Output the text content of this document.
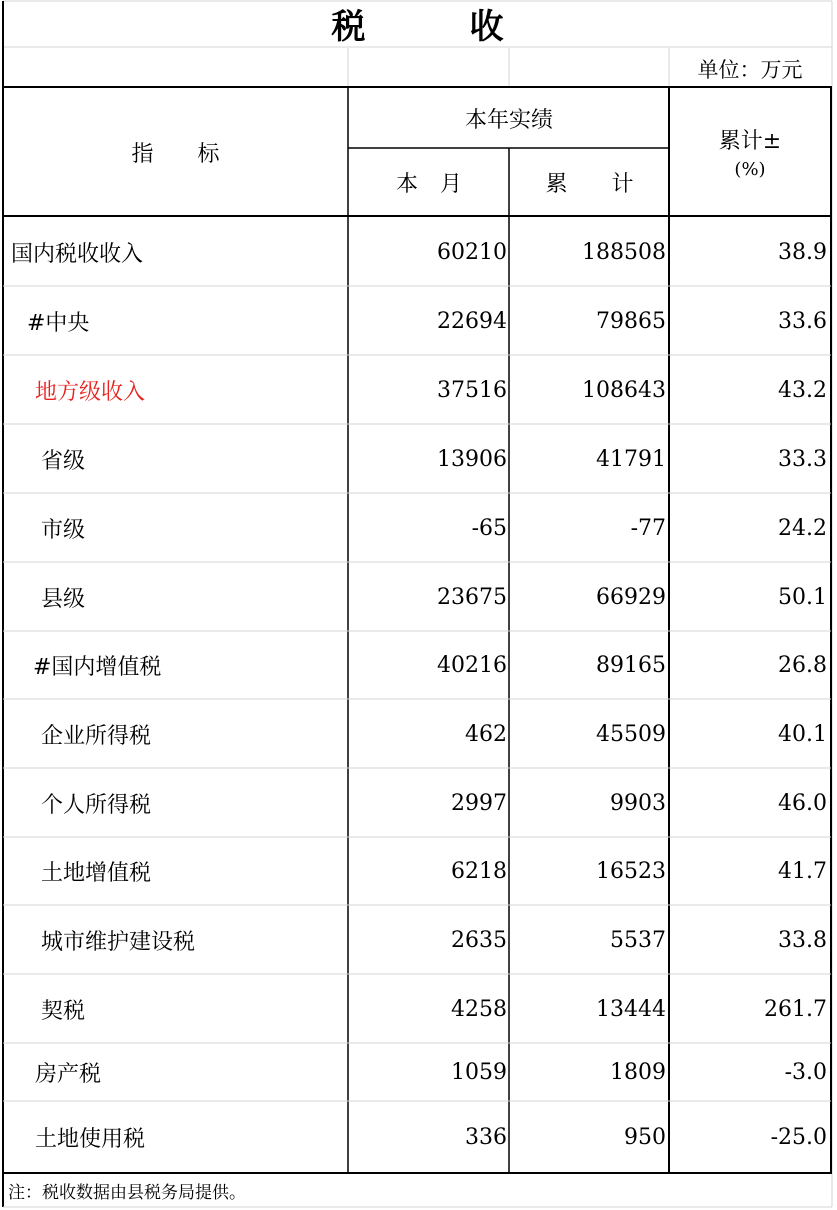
税	收
单位：万元
指　　标
本年实绩
本　月	累　　计
累计±
(%)
国内税收收入	60210	188508	38.9
#中央	22694	79865	33.6
地方级收入	37516	108643	43.2
省级	13906	41791	33.3
市级	-65	-77	24.2
县级	23675	66929	50.1
#国内增值税	40216	89165	26.8
企业所得税	462	45509	40.1
个人所得税	2997	9903	46.0
土地增值税	6218	16523	41.7
城市维护建设税	2635	5537	33.8
契税	4258	13444	261.7
房产税	1059	1809	-3.0
土地使用税	336	950	-25.0
注：税收数据由县税务局提供。
